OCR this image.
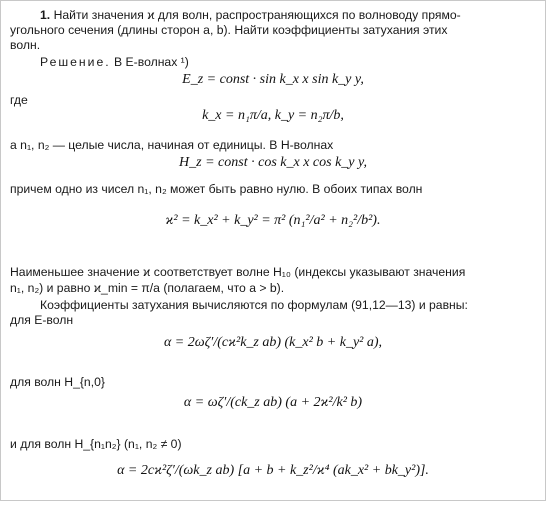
1. Найти значения ϰ для волн, распространяющихся по волноводу прямо-
угольного сечения (длины сторон a, b). Найти коэффициенты затухания этих
волн.
Решение. В E-волнах ¹)
E_z = const · sin k_x x sin k_y y,
где
k_x = n₁π/a, k_y = n₂π/b,
а n₁, n₂ — целые числа, начиная от единицы. В H-волнах
H_z = const · cos k_x x cos k_y y,
причем одно из чисел n₁, n₂ может быть равно нулю. В обоих типах волн
ϰ² = k_x² + k_y² = π² (n₁²/a² + n₂²/b²).
Наименьшее значение ϰ соответствует волне H₁₀ (индексы указывают значения
n₁, n₂) и равно ϰ_min = π/a (полагаем, что a > b).
Коэффициенты затухания вычисляются по формулам (91,12—13) и равны:
для E-волн
α = 2ωζ′/(cϰ²k_z ab) (k_x² b + k_y² a),
для волн H_{n,0}
α = ωζ′/(ck_z ab) (a + 2ϰ²/k² b)
и для волн H_{n₁n₂} (n₁, n₂ ≠ 0)
α = 2cϰ²ζ′/(ωk_z ab) [a + b + k_z²/ϰ⁴ (ak_x² + bk_y²)].
